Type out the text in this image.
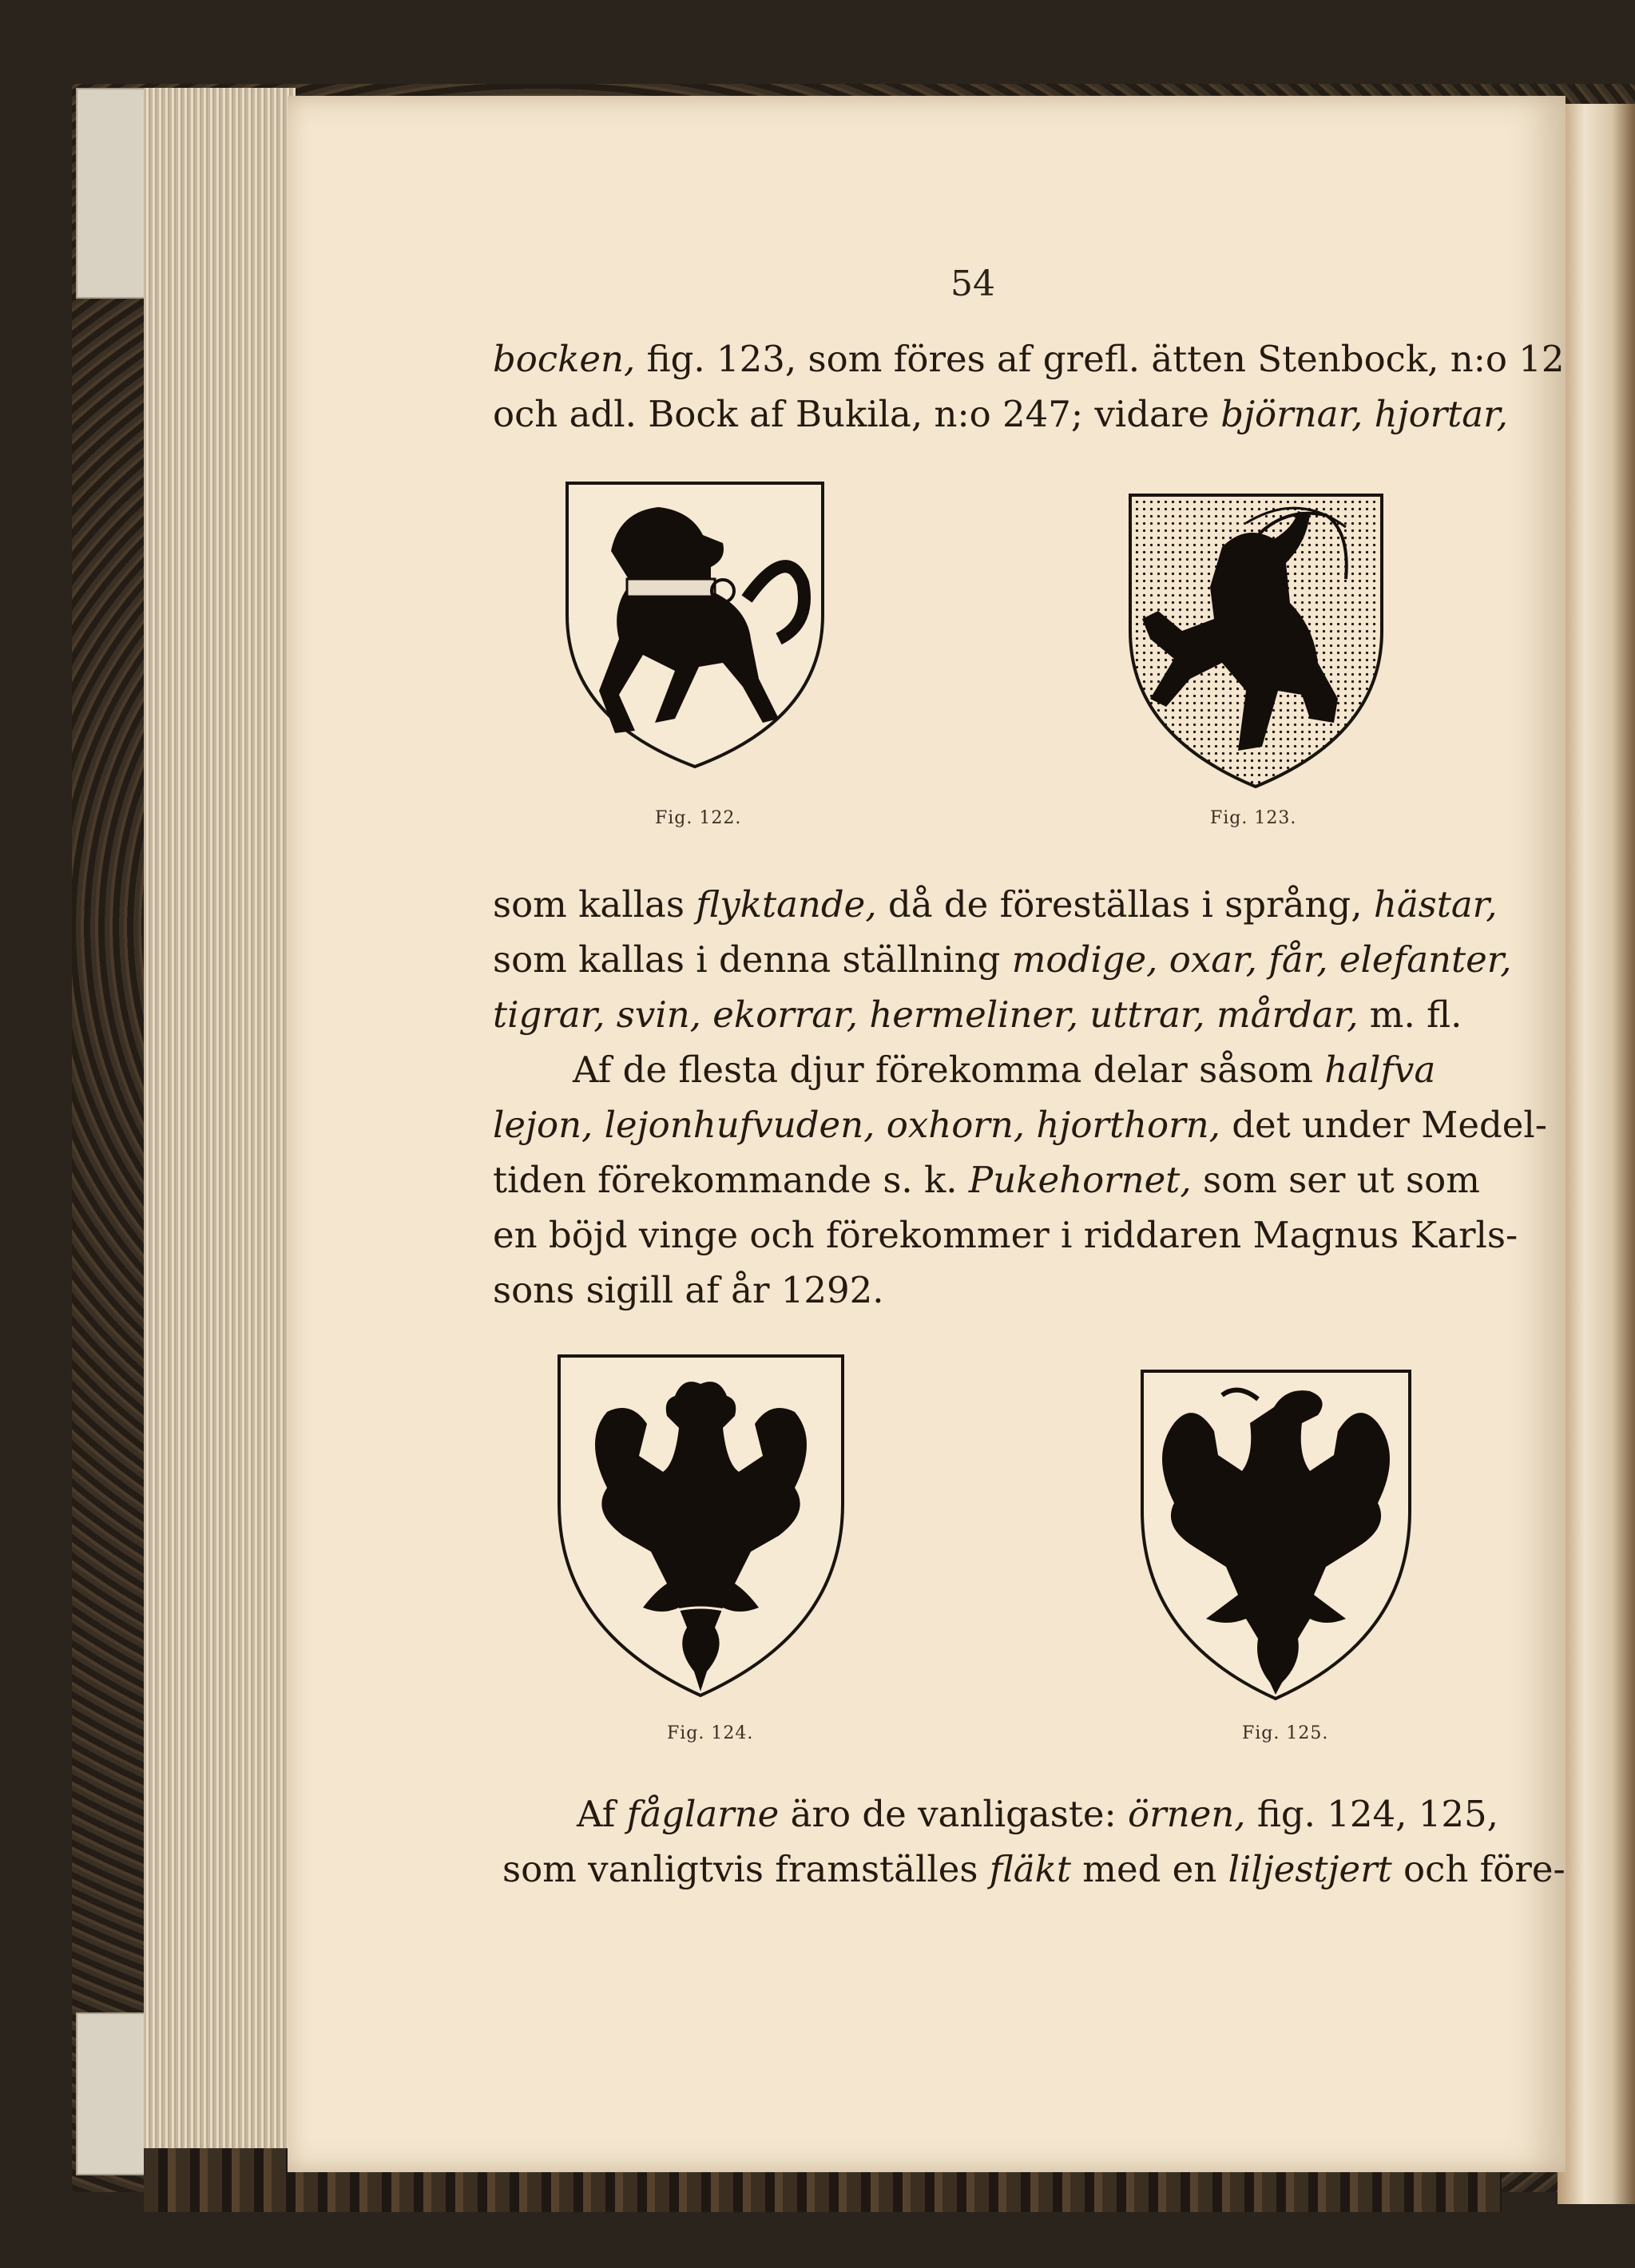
54
bocken, fig. 123, som föres af grefl. ätten Stenbock, n:o 12
och adl. Bock af Bukila, n:o 247; vidare björnar, hjortar,
Fig. 122.	Fig. 123.
som kallas flyktande, då de föreställas i språng, hästar,
som kallas i denna ställning modige, oxar, får, elefanter,
tigrar, svin, ekorrar, hermeliner, uttrar, mårdar, m. fl.
Af de flesta djur förekomma delar såsom halfva
lejon, lejonhufvuden, oxhorn, hjorthorn, det under Medel-
tiden förekommande s. k. Pukehornet, som ser ut som
en böjd vinge och förekommer i riddaren Magnus Karls-
sons sigill af år 1292.
Fig. 124.	Fig. 125.
Af fåglarne äro de vanligaste: örnen, fig. 124, 125,
som vanligtvis framställes fläkt med en liljestjert och före-
